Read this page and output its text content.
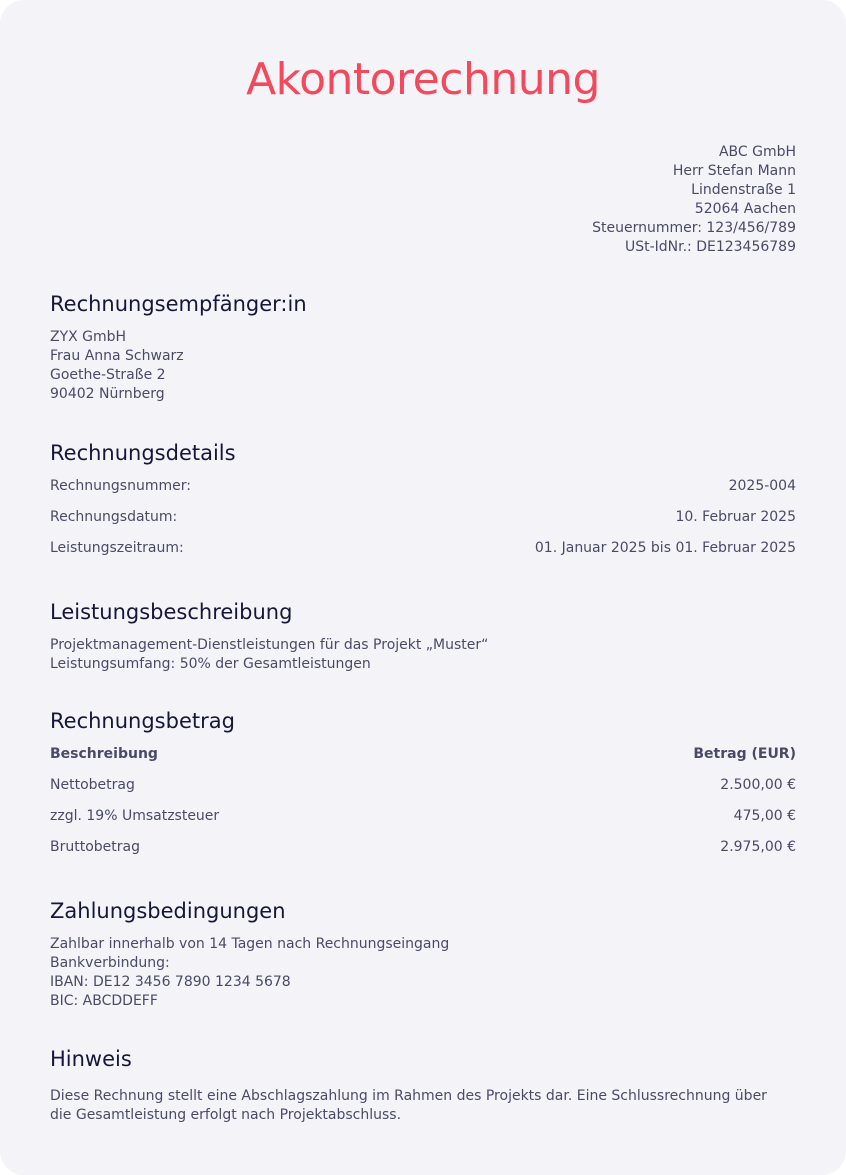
Akontorechnung
ABC GmbH
Herr Stefan Mann
Lindenstraße 1
52064 Aachen
Steuernummer: 123/456/789
USt-IdNr.: DE123456789
Rechnungsempfänger:in
ZYX GmbH
Frau Anna Schwarz
Goethe-Straße 2
90402 Nürnberg
Rechnungsdetails
Rechnungsnummer:	2025-004
Rechnungsdatum:	10. Februar 2025
Leistungszeitraum:	01. Januar 2025 bis 01. Februar 2025
Leistungsbeschreibung
Projektmanagement-Dienstleistungen für das Projekt „Muster“
Leistungsumfang: 50% der Gesamtleistungen
Rechnungsbetrag
Beschreibung	Betrag (EUR)
Nettobetrag	2.500,00 €
zzgl. 19% Umsatzsteuer	475,00 €
Bruttobetrag	2.975,00 €
Zahlungsbedingungen
Zahlbar innerhalb von 14 Tagen nach Rechnungseingang
Bankverbindung:
IBAN: DE12 3456 7890 1234 5678
BIC: ABCDDEFF
Hinweis
Diese Rechnung stellt eine Abschlagszahlung im Rahmen des Projekts dar. Eine Schlussrechnung über die Gesamtleistung erfolgt nach Projektabschluss.
